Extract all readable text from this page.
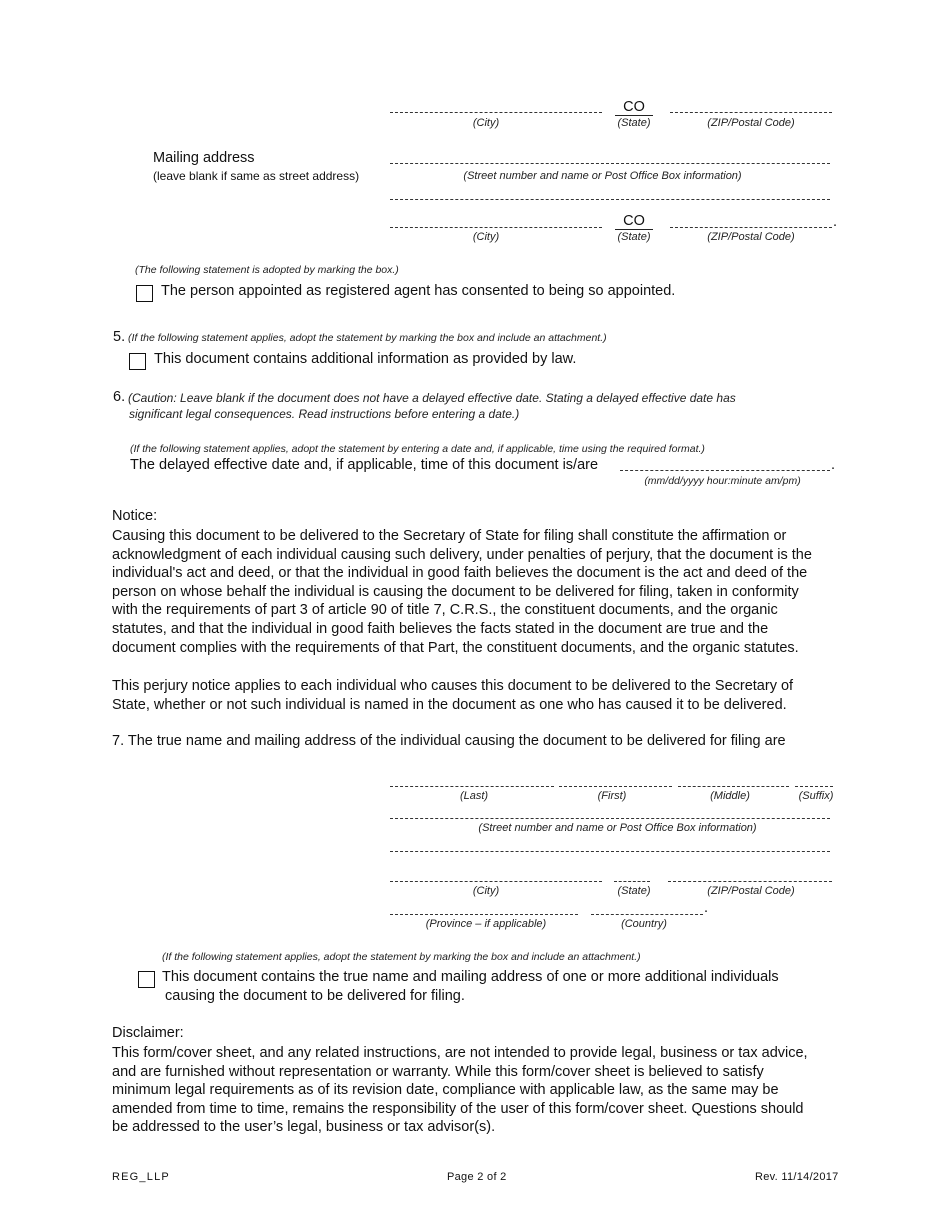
CO
(City)	(State)	(ZIP/Postal Code)
Mailing address
(leave blank if same as street address)	(Street number and name or Post Office Box information)
CO	.
(City)	(State)	(ZIP/Postal Code)
(The following statement is adopted by marking the box.)
The person appointed as registered agent has consented to being so appointed.
5. (If the following statement applies, adopt the statement by marking the box and include an attachment.)
This document contains additional information as provided by law.
6. (Caution: Leave blank if the document does not have a delayed effective date. Stating a delayed effective date has
significant legal consequences. Read instructions before entering a date.)
(If the following statement applies, adopt the statement by entering a date and, if applicable, time using the required format.)
The delayed effective date and, if applicable, time of this document is/are	.
(mm/dd/yyyy hour:minute am/pm)
Notice:
Causing this document to be delivered to the Secretary of State for filing shall constitute the affirmation or
acknowledgment of each individual causing such delivery, under penalties of perjury, that the document is the
individual's act and deed, or that the individual in good faith believes the document is the act and deed of the
person on whose behalf the individual is causing the document to be delivered for filing, taken in conformity
with the requirements of part 3 of article 90 of title 7, C.R.S., the constituent documents, and the organic
statutes, and that the individual in good faith believes the facts stated in the document are true and the
document complies with the requirements of that Part, the constituent documents, and the organic statutes.
This perjury notice applies to each individual who causes this document to be delivered to the Secretary of
State, whether or not such individual is named in the document as one who has caused it to be delivered.
7. The true name and mailing address of the individual causing the document to be delivered for filing are
(Last)	(First)	(Middle)	(Suffix)
(Street number and name or Post Office Box information)
(City)	(State)	(ZIP/Postal Code)
.
(Province – if applicable)	(Country)
(If the following statement applies, adopt the statement by marking the box and include an attachment.)
This document contains the true name and mailing address of one or more additional individuals
causing the document to be delivered for filing.
Disclaimer:
This form/cover sheet, and any related instructions, are not intended to provide legal, business or tax advice,
and are furnished without representation or warranty. While this form/cover sheet is believed to satisfy
minimum legal requirements as of its revision date, compliance with applicable law, as the same may be
amended from time to time, remains the responsibility of the user of this form/cover sheet. Questions should
be addressed to the user’s legal, business or tax advisor(s).
REG_LLP	Page 2 of 2	Rev. 11/14/2017
